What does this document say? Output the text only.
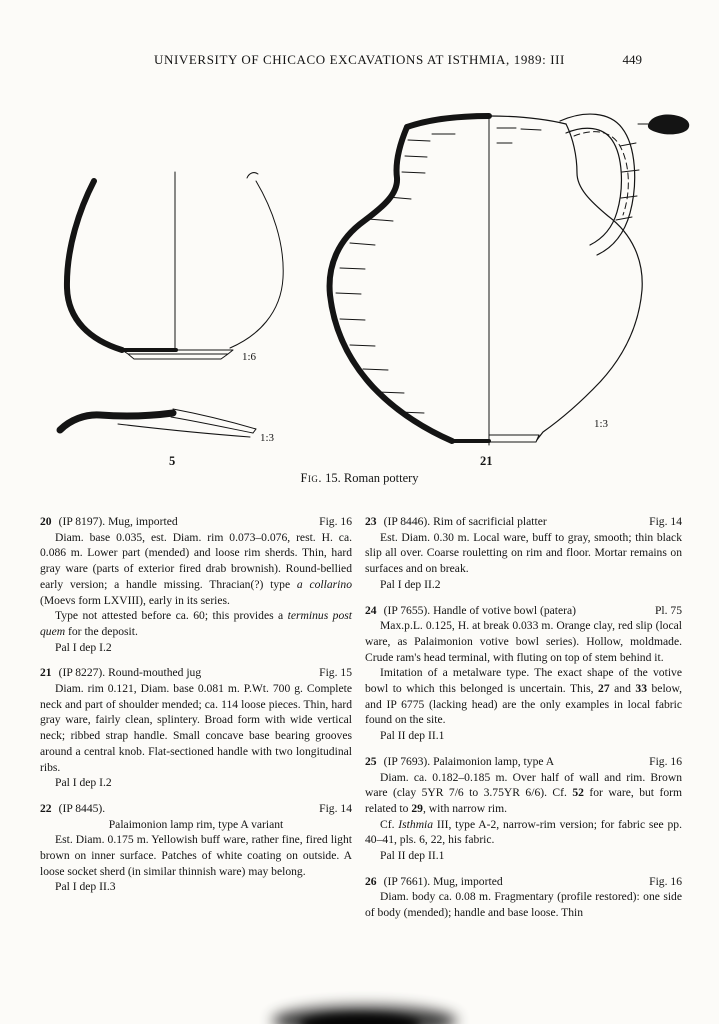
UNIVERSITY OF CHICACO EXCAVATIONS AT ISTHMIA, 1989: III	449
1:6
1:3
5
1:3
21
Fig. 15. Roman pottery
20 (IP 8197). Mug, imported	Fig. 16

Diam. base 0.035, est. Diam. rim 0.073–0.076, rest. H. ca. 0.086 m. Lower part (mended) and loose rim sherds. Thin, hard gray ware (parts of exterior fired drab brownish). Round-bellied early version; a handle missing. Thracian(?) type a collarino (Moevs form LXVIII), early in its series.

Type not attested before ca. 60; this provides a terminus post quem for the deposit.

Pal I dep I.2

21 (IP 8227). Round-mouthed jug	Fig. 15

Diam. rim 0.121, Diam. base 0.081 m. P.Wt. 700 g. Complete neck and part of shoulder mended; ca. 114 loose pieces. Thin, hard gray ware, fairly clean, splintery. Broad form with wide vertical neck; ribbed strap handle. Small concave base bearing grooves around a central knob. Flat-sectioned handle with two longitudinal ribs.

Pal I dep I.2

22 (IP 8445).	Fig. 14
Palaimonion lamp rim, type A variant

Est. Diam. 0.175 m. Yellowish buff ware, rather fine, fired light brown on inner surface. Patches of white coating on outside. A loose socket sherd (in similar thinnish ware) may belong.

Pal I dep II.3

23 (IP 8446). Rim of sacrificial platter	Fig. 14

Est. Diam. 0.30 m. Local ware, buff to gray, smooth; thin black slip all over. Coarse rouletting on rim and floor. Mortar remains on surfaces and on break.

Pal I dep II.2

24 (IP 7655). Handle of votive bowl (patera)	Pl. 75

Max.p.L. 0.125, H. at break 0.033 m. Orange clay, red slip (local ware, as Palaimonion votive bowl series). Hollow, moldmade. Crude ram's head terminal, with fluting on top of stem behind it.

Imitation of a metalware type. The exact shape of the votive bowl to which this belonged is uncertain. This, 27 and 33 below, and IP 6775 (lacking head) are the only examples in local fabric found on the site.

Pal II dep II.1

25 (IP 7693). Palaimonion lamp, type A	Fig. 16

Diam. ca. 0.182–0.185 m. Over half of wall and rim. Brown ware (clay 5YR 7/6 to 3.75YR 6/6). Cf. 52 for ware, but form related to 29, with narrow rim.

Cf. Isthmia III, type A-2, narrow-rim version; for fabric see pp. 40–41, pls. 6, 22, his fabric.

Pal II dep II.1

26 (IP 7661). Mug, imported	Fig. 16

Diam. body ca. 0.08 m. Fragmentary (profile restored): one side of body (mended); handle and base loose. Thin
